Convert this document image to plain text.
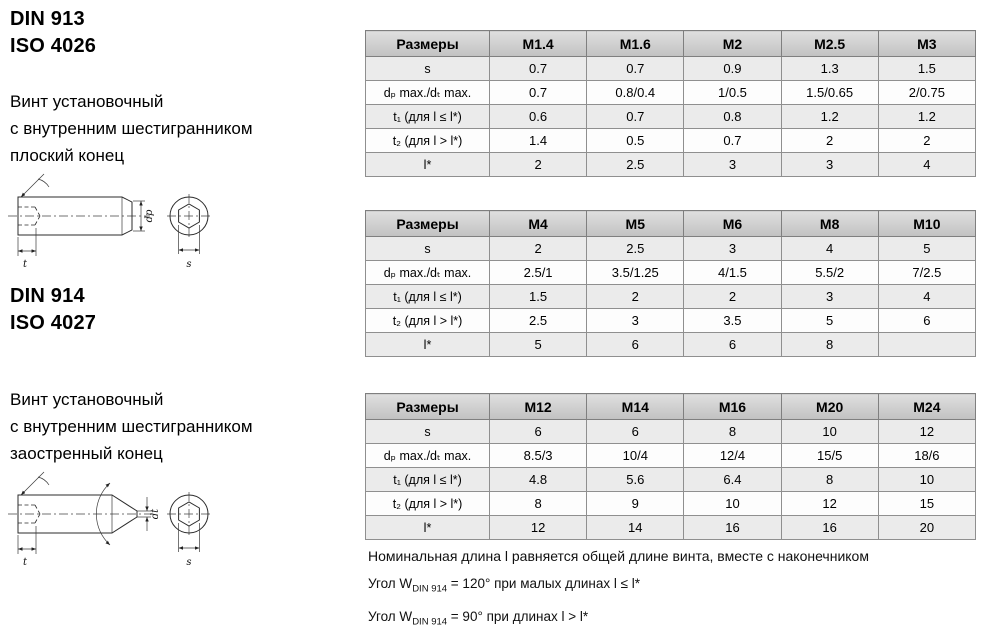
DIN 913
ISO 4026
Винт установочный
с внутренним шестигранником
плоский конец
t
dp
s
DIN 914
ISO 4027
Винт установочный
с внутренним шестигранником
заостренный конец
t
dt
s
Размеры	M1.4	M1.6	M2	M2.5	M3
s	0.7	0.7	0.9	1.3	1.5
dₚ max./dₜ max.	0.7	0.8/0.4	1/0.5	1.5/0.65	2/0.75
t₁ (для l ≤ l*)	0.6	0.7	0.8	1.2	1.2
t₂ (для l > l*)	1.4	0.5	0.7	2	2
l*	2	2.5	3	3	4
Размеры	M4	M5	M6	M8	M10
s	2	2.5	3	4	5
dₚ max./dₜ max.	2.5/1	3.5/1.25	4/1.5	5.5/2	7/2.5
t₁ (для l ≤ l*)	1.5	2	2	3	4
t₂ (для l > l*)	2.5	3	3.5	5	6
l*	5	6	6	8	
Размеры	M12	M14	M16	M20	M24
s	6	6	8	10	12
dₚ max./dₜ max.	8.5/3	10/4	12/4	15/5	18/6
t₁ (для l ≤ l*)	4.8	5.6	6.4	8	10
t₂ (для l > l*)	8	9	10	12	15
l*	12	14	16	16	20

Номинальная длина l равняется общей длине винта, вместе с наконечником

Угол $W_{DIN 914} = 120^\circ$ при малых длинах l ≤ l*

Угол $W_{DIN 914} = 90^\circ$ при длинах l > l*
